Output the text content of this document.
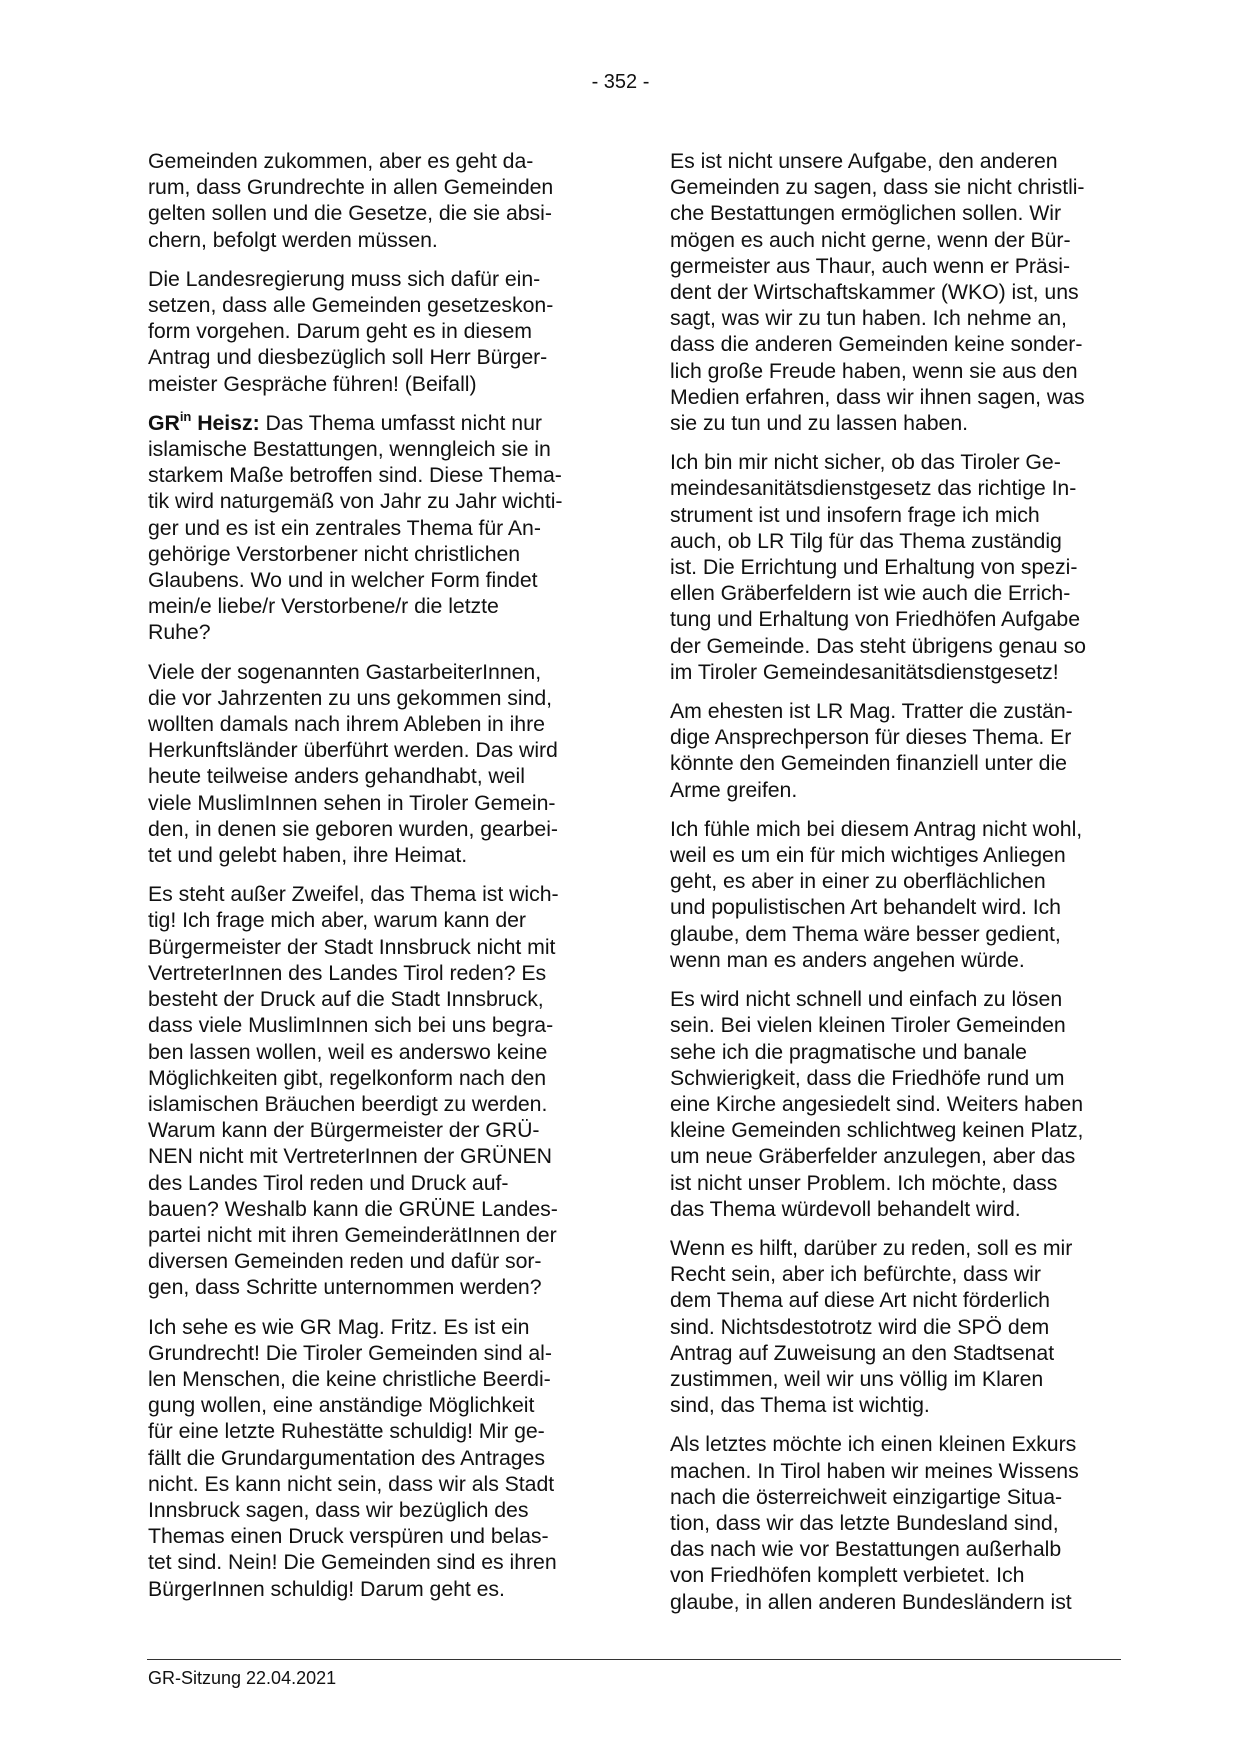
- 352 -

Gemeinden zukommen, aber es geht da-
rum, dass Grundrechte in allen Gemeinden
gelten sollen und die Gesetze, die sie absi-
chern, befolgt werden müssen.

Die Landesregierung muss sich dafür ein-
setzen, dass alle Gemeinden gesetzeskon-
form vorgehen. Darum geht es in diesem
Antrag und diesbezüglich soll Herr Bürger-
meister Gespräche führen! (Beifall)

$GR^{in}$ Heisz: Das Thema umfasst nicht nur
islamische Bestattungen, wenngleich sie in
starkem Maße betroffen sind. Diese Thema-
tik wird naturgemäß von Jahr zu Jahr wichti-
ger und es ist ein zentrales Thema für An-
gehörige Verstorbener nicht christlichen
Glaubens. Wo und in welcher Form findet
mein/e liebe/r Verstorbene/r die letzte
Ruhe?

Viele der sogenannten GastarbeiterInnen,
die vor Jahrzenten zu uns gekommen sind,
wollten damals nach ihrem Ableben in ihre
Herkunftsländer überführt werden. Das wird
heute teilweise anders gehandhabt, weil
viele MuslimInnen sehen in Tiroler Gemein-
den, in denen sie geboren wurden, gearbei-
tet und gelebt haben, ihre Heimat.

Es steht außer Zweifel, das Thema ist wich-
tig! Ich frage mich aber, warum kann der
Bürgermeister der Stadt Innsbruck nicht mit
VertreterInnen des Landes Tirol reden? Es
besteht der Druck auf die Stadt Innsbruck,
dass viele MuslimInnen sich bei uns begra-
ben lassen wollen, weil es anderswo keine
Möglichkeiten gibt, regelkonform nach den
islamischen Bräuchen beerdigt zu werden.
Warum kann der Bürgermeister der GRÜ-
NEN nicht mit VertreterInnen der GRÜNEN
des Landes Tirol reden und Druck auf-
bauen? Weshalb kann die GRÜNE Landes-
partei nicht mit ihren GemeinderätInnen der
diversen Gemeinden reden und dafür sor-
gen, dass Schritte unternommen werden?

Ich sehe es wie GR Mag. Fritz. Es ist ein
Grundrecht! Die Tiroler Gemeinden sind al-
len Menschen, die keine christliche Beerdi-
gung wollen, eine anständige Möglichkeit
für eine letzte Ruhestätte schuldig! Mir ge-
fällt die Grundargumentation des Antrages
nicht. Es kann nicht sein, dass wir als Stadt
Innsbruck sagen, dass wir bezüglich des
Themas einen Druck verspüren und belas-
tet sind. Nein! Die Gemeinden sind es ihren
BürgerInnen schuldig! Darum geht es.

Es ist nicht unsere Aufgabe, den anderen
Gemeinden zu sagen, dass sie nicht christli-
che Bestattungen ermöglichen sollen. Wir
mögen es auch nicht gerne, wenn der Bür-
germeister aus Thaur, auch wenn er Präsi-
dent der Wirtschaftskammer (WKO) ist, uns
sagt, was wir zu tun haben. Ich nehme an,
dass die anderen Gemeinden keine sonder-
lich große Freude haben, wenn sie aus den
Medien erfahren, dass wir ihnen sagen, was
sie zu tun und zu lassen haben.

Ich bin mir nicht sicher, ob das Tiroler Ge-
meindesanitätsdienstgesetz das richtige In-
strument ist und insofern frage ich mich
auch, ob LR Tilg für das Thema zuständig
ist. Die Errichtung und Erhaltung von spezi-
ellen Gräberfeldern ist wie auch die Errich-
tung und Erhaltung von Friedhöfen Aufgabe
der Gemeinde. Das steht übrigens genau so
im Tiroler Gemeindesanitätsdienstgesetz!

Am ehesten ist LR Mag. Tratter die zustän-
dige Ansprechperson für dieses Thema. Er
könnte den Gemeinden finanziell unter die
Arme greifen.

Ich fühle mich bei diesem Antrag nicht wohl,
weil es um ein für mich wichtiges Anliegen
geht, es aber in einer zu oberflächlichen
und populistischen Art behandelt wird. Ich
glaube, dem Thema wäre besser gedient,
wenn man es anders angehen würde.

Es wird nicht schnell und einfach zu lösen
sein. Bei vielen kleinen Tiroler Gemeinden
sehe ich die pragmatische und banale
Schwierigkeit, dass die Friedhöfe rund um
eine Kirche angesiedelt sind. Weiters haben
kleine Gemeinden schlichtweg keinen Platz,
um neue Gräberfelder anzulegen, aber das
ist nicht unser Problem. Ich möchte, dass
das Thema würdevoll behandelt wird.

Wenn es hilft, darüber zu reden, soll es mir
Recht sein, aber ich befürchte, dass wir
dem Thema auf diese Art nicht förderlich
sind. Nichtsdestotrotz wird die SPÖ dem
Antrag auf Zuweisung an den Stadtsenat
zustimmen, weil wir uns völlig im Klaren
sind, das Thema ist wichtig.

Als letztes möchte ich einen kleinen Exkurs
machen. In Tirol haben wir meines Wissens
nach die österreichweit einzigartige Situa-
tion, dass wir das letzte Bundesland sind,
das nach wie vor Bestattungen außerhalb
von Friedhöfen komplett verbietet. Ich
glaube, in allen anderen Bundesländern ist

GR-Sitzung 22.04.2021
